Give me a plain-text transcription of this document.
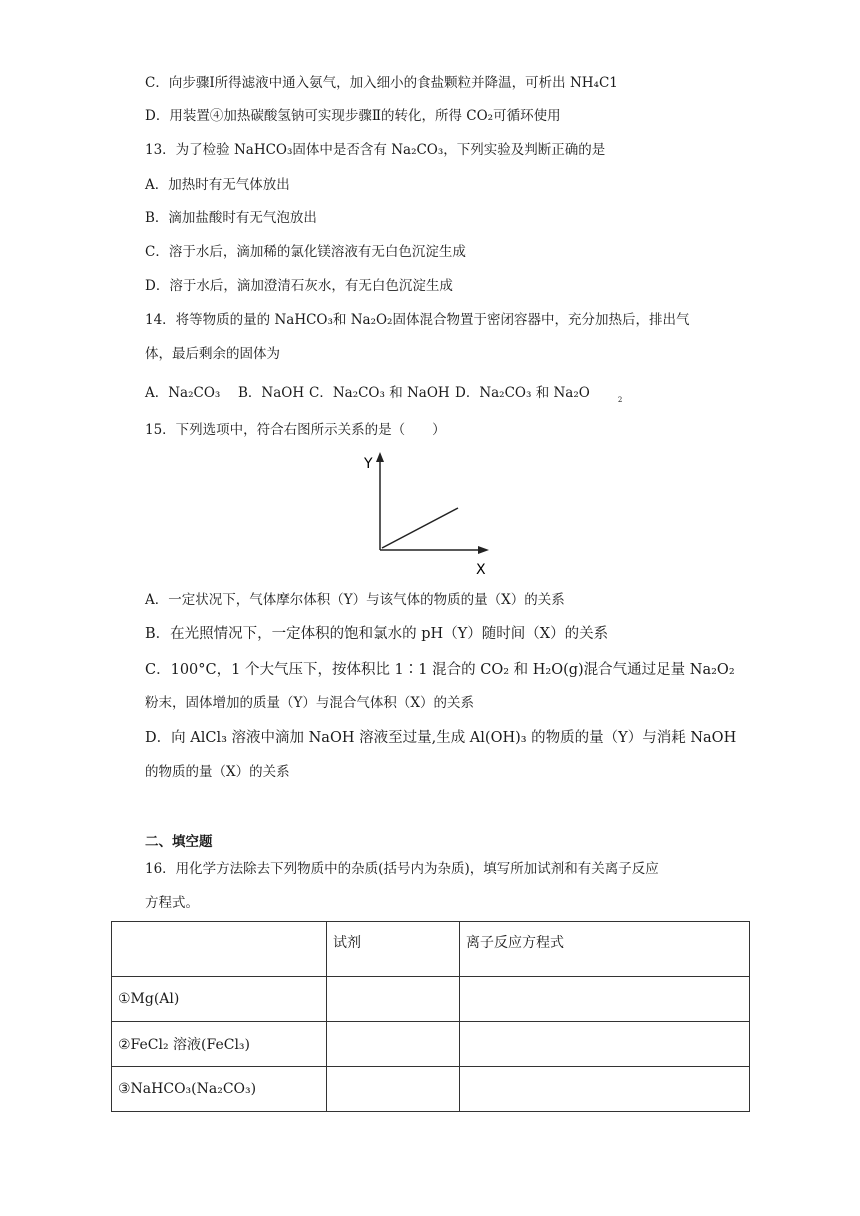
C．向步骤Ⅰ所得滤液中通入氨气，加入细小的食盐颗粒并降温，可析出 NH₄C1
D．用装置④加热碳酸氢钠可实现步骤Ⅱ的转化，所得 CO₂可循环使用
13．为了检验 NaHCO₃固体中是否含有 Na₂CO₃，下列实验及判断正确的是
A．加热时有无气体放出
B．滴加盐酸时有无气泡放出
C．溶于水后，滴加稀的氯化镁溶液有无白色沉淀生成
D．溶于水后，滴加澄清石灰水，有无白色沉淀生成
14．将等物质的量的 NaHCO₃和 Na₂O₂固体混合物置于密闭容器中，充分加热后，排出气
体，最后剩余的固体为
A．Na₂CO₃ B．NaOH C．Na₂CO₃ 和 NaOH D．Na₂CO₃ 和 Na₂O	2
15．下列选项中，符合右图所示关系的是（　　）
Y
X
A．一定状况下，气体摩尔体积（Y）与该气体的物质的量（X）的关系
B．在光照情况下，一定体积的饱和氯水的 pH（Y）随时间（X）的关系
C．100°C，1 个大气压下，按体积比 1∶1 混合的 CO₂ 和 H₂O(g)混合气通过足量 Na₂O₂
粉末，固体增加的质量（Y）与混合气体积（X）的关系
D．向 AlCl₃ 溶液中滴加 NaOH 溶液至过量,生成 Al(OH)₃ 的物质的量（Y）与消耗 NaOH
的物质的量（X）的关系
二、填空题
16．用化学方法除去下列物质中的杂质(括号内为杂质)，填写所加试剂和有关离子反应
方程式。
	试剂	离子反应方程式
①Mg(Al)		
②FeCl₂ 溶液(FeCl₃)		
③NaHCO₃(Na₂CO₃)		
